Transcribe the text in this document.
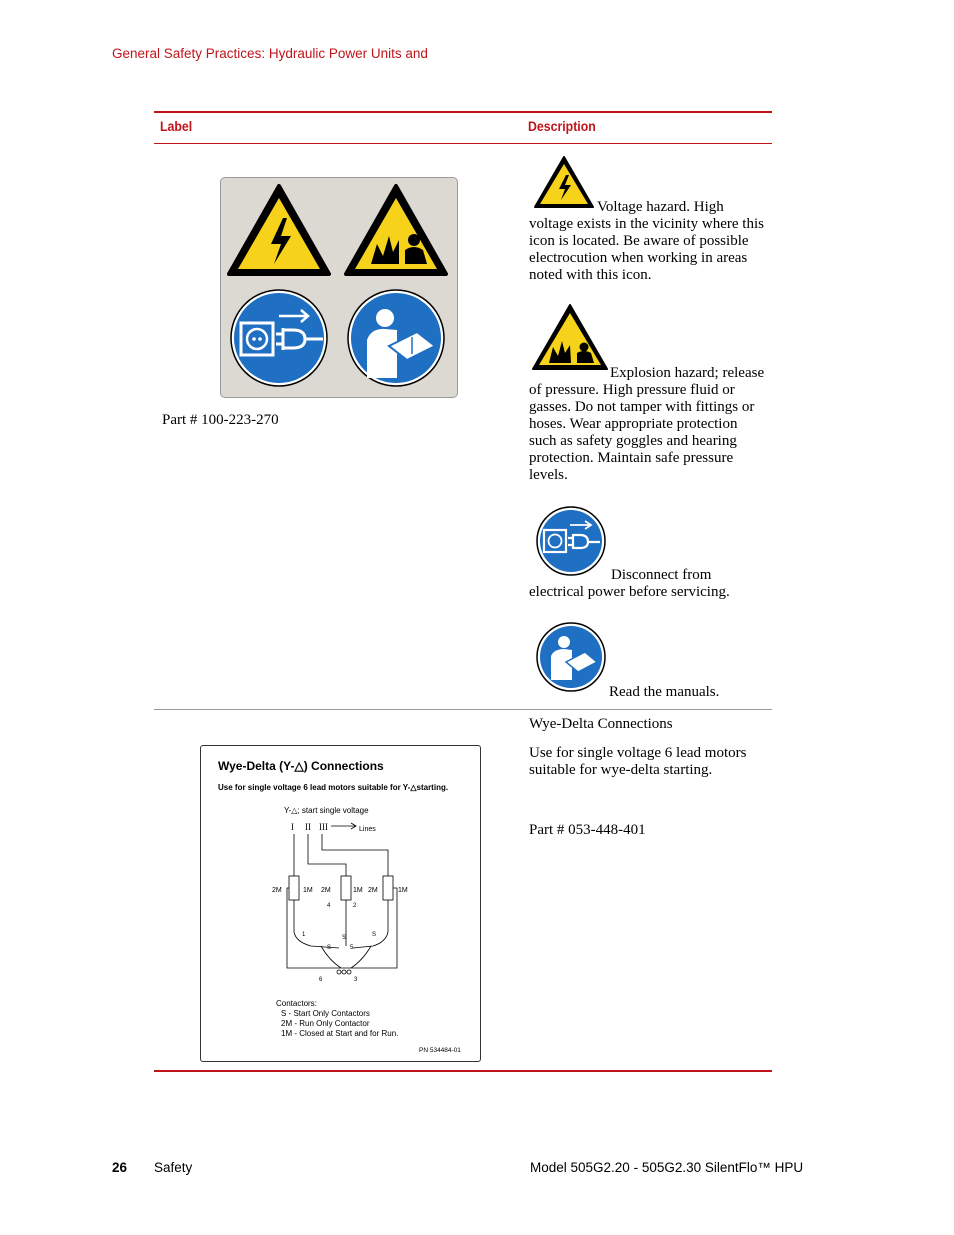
General Safety Practices: Hydraulic Power Units and
Label	Description
Part # 100-223-270
Voltage hazard. High voltage exists in the vicinity where this icon is located. Be aware of possible electrocution when working in areas noted with this icon.
Explosion hazard; release of pressure. High pressure fluid or gasses. Do not tamper with fittings or hoses. Wear appropriate protection such as safety goggles and hearing protection. Maintain safe pressure levels.
Disconnect from electrical power before servicing.
Read the manuals.
Wye-Delta (Y-△) Connections
Use for single voltage 6 lead motors suitable for Y-△starting.
Y-△; start single voltage
I II III	Lines
2M	1M 2M	1M 2M	1M
1
2
3
4
5
6
S
S	S
Contactors:
S - Start Only Contactors
2M - Run Only Contactor
1M - Closed at Start and for Run.
PN 534484-01
Wye-Delta Connections
Use for single voltage 6 lead motors suitable for wye-delta starting.
Part # 053-448-401
26 Safety	Model 505G2.20 - 505G2.30 SilentFlo™ HPU
